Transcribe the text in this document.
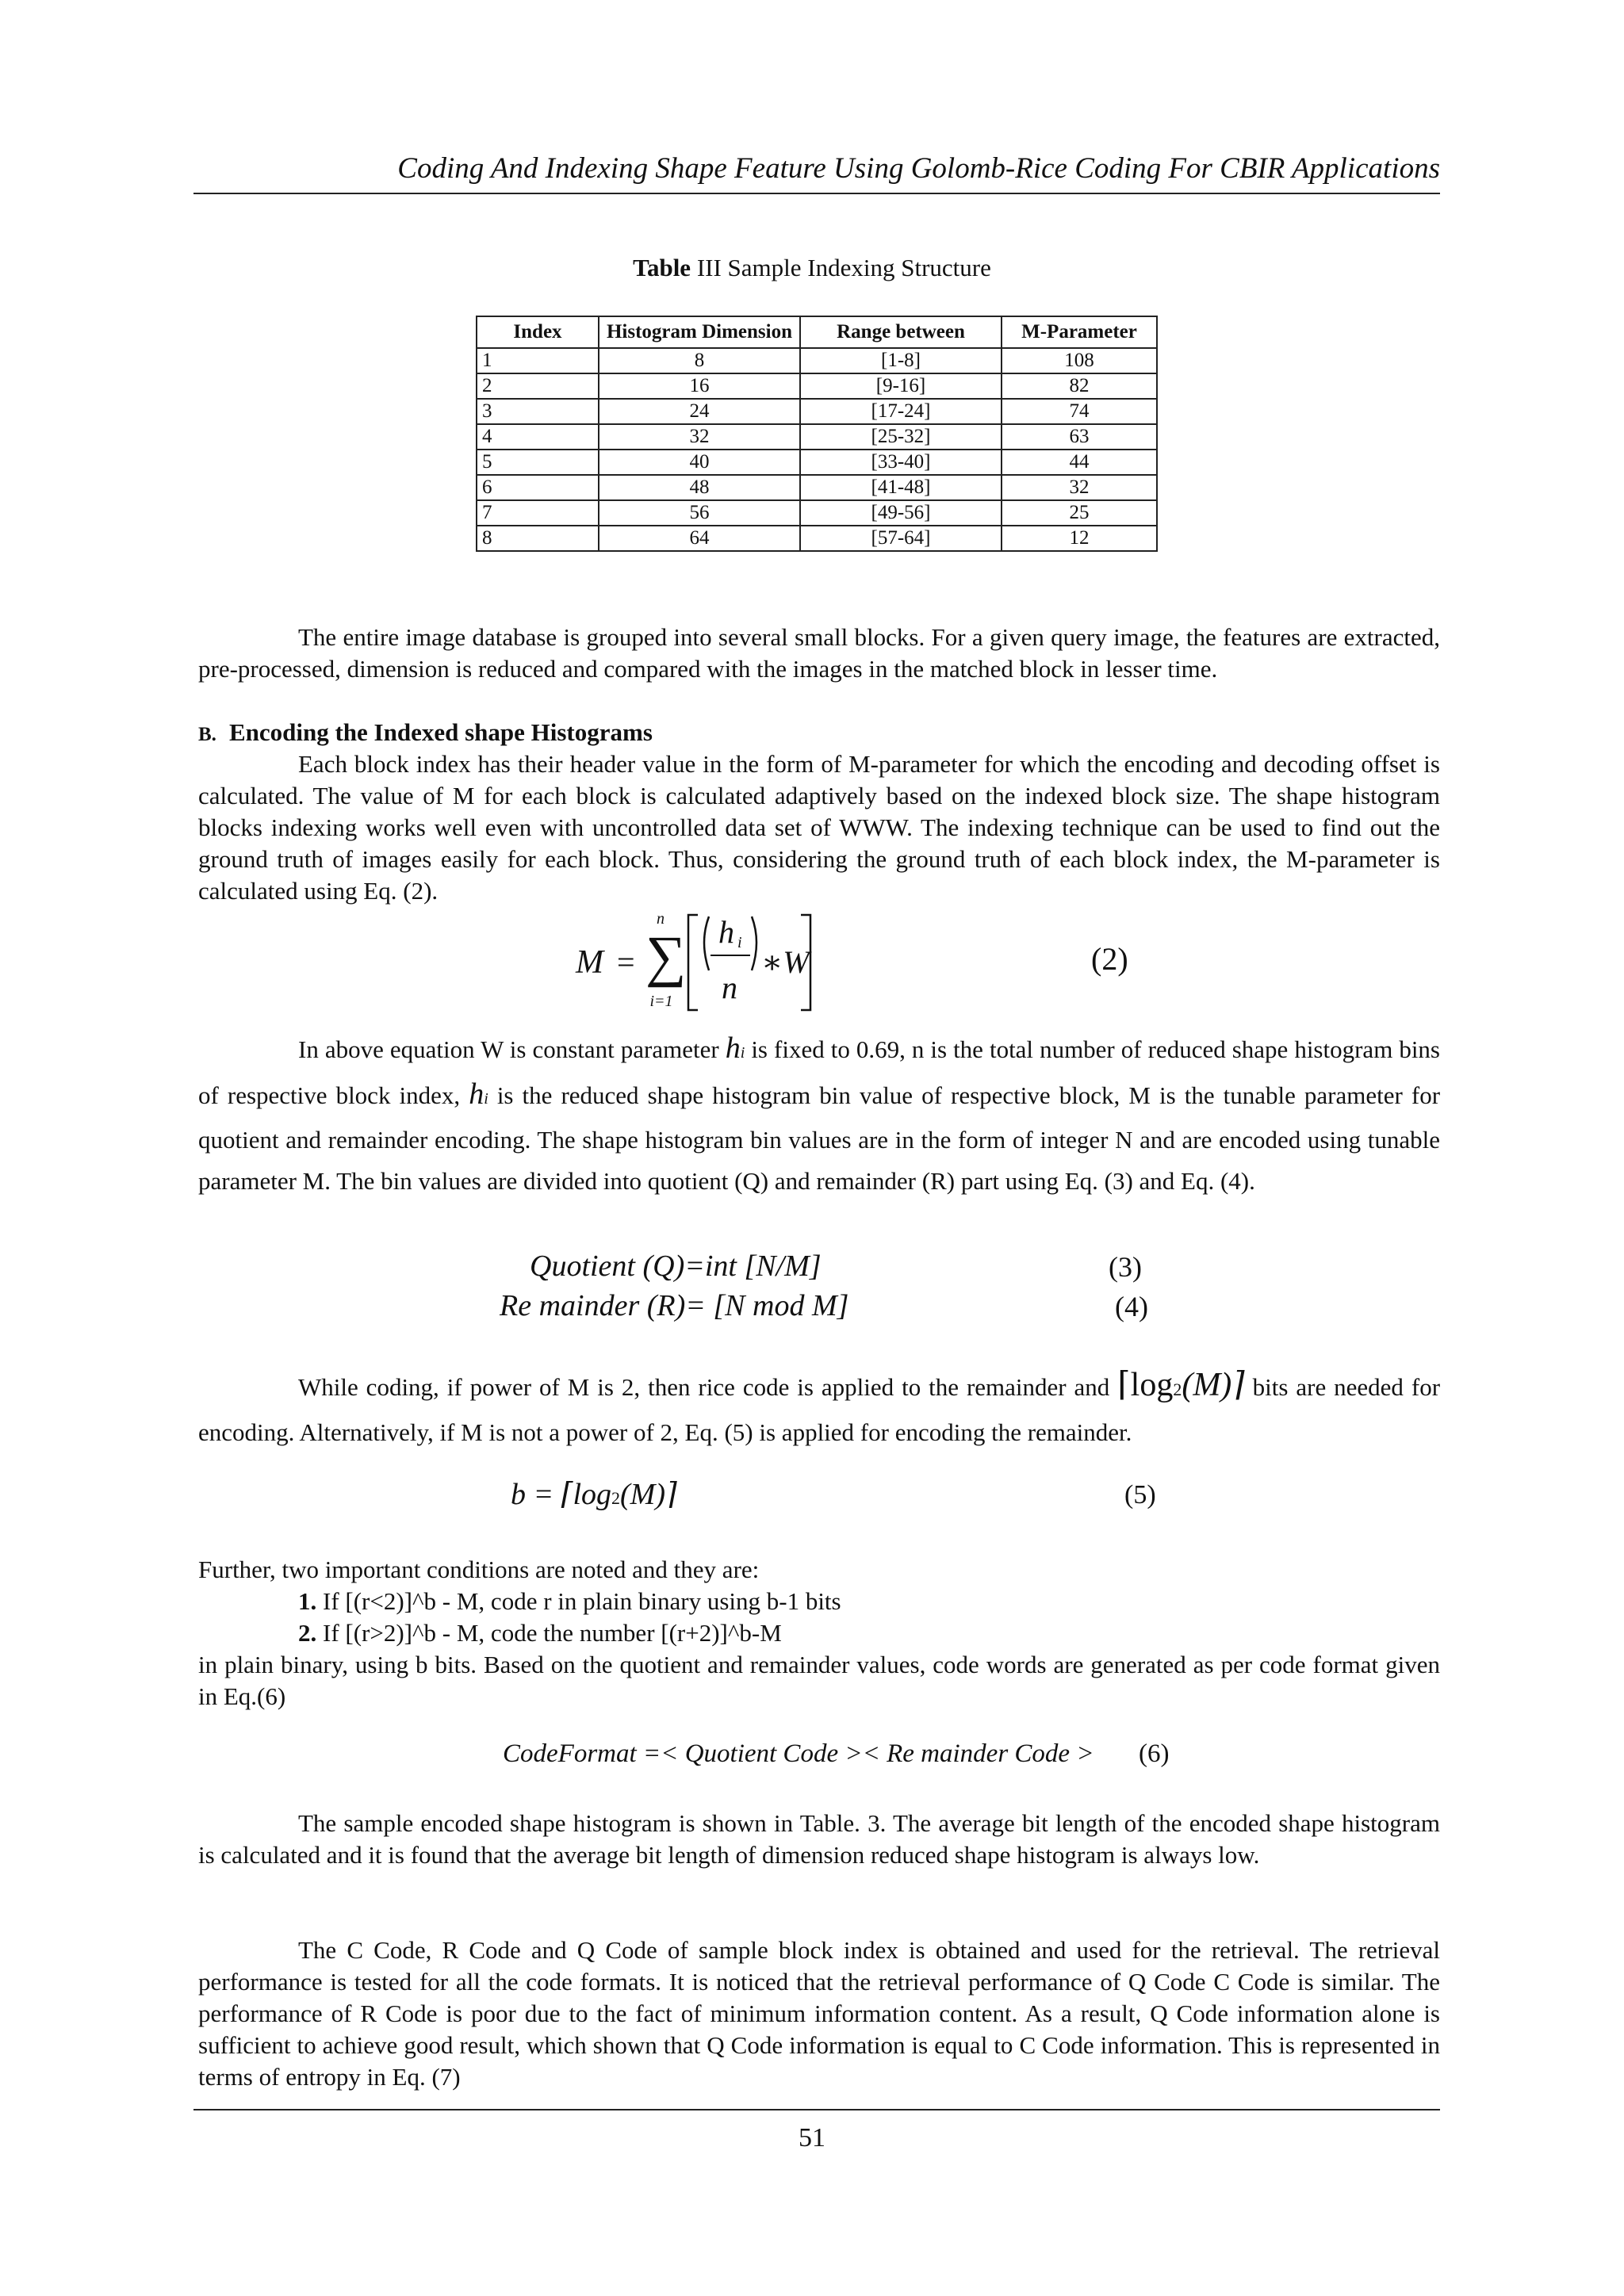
Coding And Indexing Shape Feature Using Golomb-Rice Coding For CBIR Applications
Table III Sample Indexing Structure
Index	Histogram Dimension	Range between	M-Parameter
1	8	[1-8]	108
2	16	[9-16]	82
3	24	[17-24]	74
4	32	[25-32]	63
5	40	[33-40]	44
6	48	[41-48]	32
7	56	[49-56]	25
8	64	[57-64]	12
The entire image database is grouped into several small blocks. For a given query image, the features are extracted, pre-processed, dimension is reduced and compared with the images in the matched block in lesser time.
B. Encoding the Indexed shape Histograms
Each block index has their header value in the form of M-parameter for which the encoding and decoding offset is calculated. The value of M for each block is calculated adaptively based on the indexed block size. The shape histogram blocks indexing works well even with uncontrolled data set of WWW. The indexing technique can be used to find out the ground truth of images easily for each block. Thus, considering the ground truth of each block index, the M-parameter is calculated using Eq. (2).
M =
n
∑
i=1
h i
n
∗W	(2)
In above equation W is constant parameter hi is fixed to 0.69, n is the total number of reduced shape histogram bins of respective block index, hi is the reduced shape histogram bin value of respective block, M is the tunable parameter for quotient and remainder encoding. The shape histogram bin values are in the form of integer N and are encoded using tunable parameter M. The bin values are divided into quotient (Q) and remainder (R) part using Eq. (3) and Eq. (4).
Quotient (Q)=int [N/M]	(3)
Re mainder (R)= [N mod M]	(4)
While coding, if power of M is 2, then rice code is applied to the remainder and ⌈log2(M)⌉ bits are needed for encoding. Alternatively, if M is not a power of 2, Eq. (5) is applied for encoding the remainder.
b = ⌈log2(M)⌉	(5)
Further, two important conditions are noted and they are:
1. If [(r<2)]^b - M, code r in plain binary using b-1 bits
2. If [(r>2)]^b - M, code the number [(r+2)]^b-M
in plain binary, using b bits. Based on the quotient and remainder values, code words are generated as per code format given in Eq.(6)
CodeFormat =< Quotient Code >< Re mainder Code > (6)
The sample encoded shape histogram is shown in Table. 3. The average bit length of the encoded shape histogram is calculated and it is found that the average bit length of dimension reduced shape histogram is always low.
The C Code, R Code and Q Code of sample block index is obtained and used for the retrieval. The retrieval performance is tested for all the code formats. It is noticed that the retrieval performance of Q Code C Code is similar. The performance of R Code is poor due to the fact of minimum information content. As a result, Q Code information alone is sufficient to achieve good result, which shown that Q Code information is equal to C Code information. This is represented in terms of entropy in Eq. (7)
51
